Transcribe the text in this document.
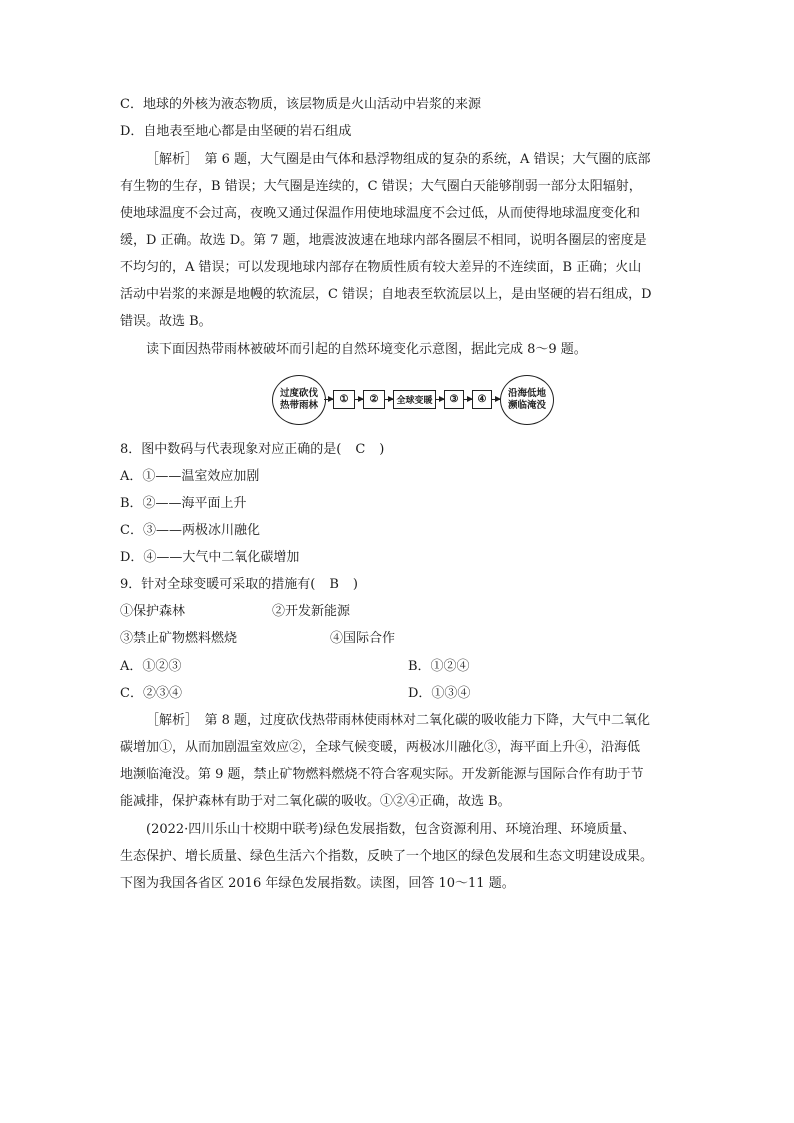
C．地球的外核为液态物质，该层物质是火山活动中岩浆的来源
D．自地表至地心都是由坚硬的岩石组成
［解析］　第 6 题，大气圈是由气体和悬浮物组成的复杂的系统，A 错误；大气圈的底部
有生物的生存，B 错误；大气圈是连续的，C 错误；大气圈白天能够削弱一部分太阳辐射，
使地球温度不会过高，夜晚又通过保温作用使地球温度不会过低，从而使得地球温度变化和
缓，D 正确。故选 D。第 7 题，地震波波速在地球内部各圈层不相同，说明各圈层的密度是
不均匀的，A 错误；可以发现地球内部存在物质性质有较大差异的不连续面，B 正确；火山
活动中岩浆的来源是地幔的软流层，C 错误；自地表至软流层以上，是由坚硬的岩石组成，D
错误。故选 B。
读下面因热带雨林被破坏而引起的自然环境变化示意图，据此完成 8～9 题。
过度砍伐
热带雨林
①	②	全球变暖	③	④
沿海低地
濒临淹没
8．图中数码与代表现象对应正确的是( C )
A．①——温室效应加剧
B．②——海平面上升
C．③——两极冰川融化
D．④——大气中二氧化碳增加
9．针对全球变暖可采取的措施有( B )
①保护森林	②开发新能源
③禁止矿物燃料燃烧	④国际合作
A．①②③	B．①②④
C．②③④	D．①③④
［解析］　第 8 题，过度砍伐热带雨林使雨林对二氧化碳的吸收能力下降，大气中二氧化
碳增加①，从而加剧温室效应②，全球气候变暖，两极冰川融化③，海平面上升④，沿海低
地濒临淹没。第 9 题，禁止矿物燃料燃烧不符合客观实际。开发新能源与国际合作有助于节
能减排，保护森林有助于对二氧化碳的吸收。①②④正确，故选 B。
(2022·四川乐山十校期中联考)绿色发展指数，包含资源利用、环境治理、环境质量、
生态保护、增长质量、绿色生活六个指数，反映了一个地区的绿色发展和生态文明建设成果。
下图为我国各省区 2016 年绿色发展指数。读图，回答 10～11 题。
